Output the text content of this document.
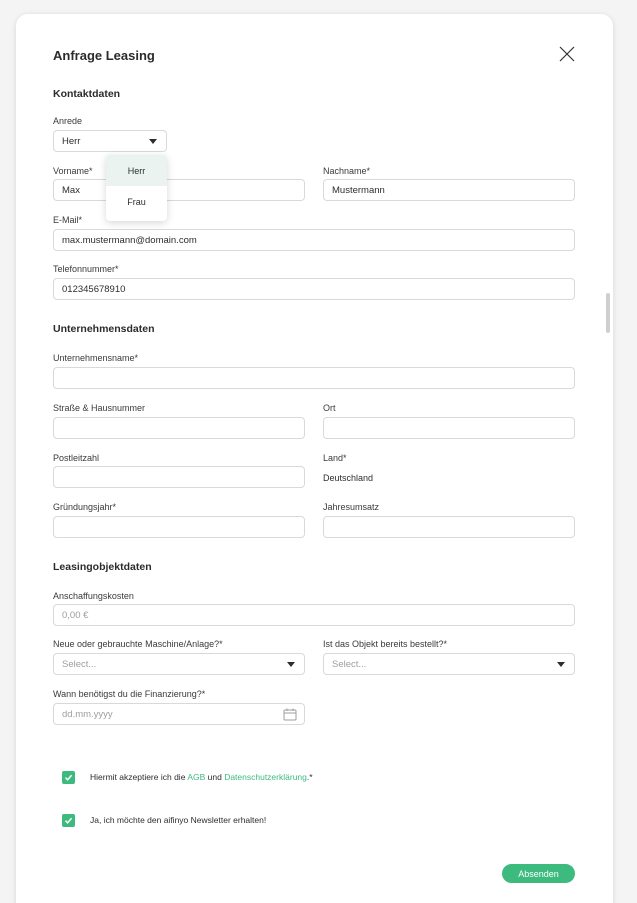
Anfrage Leasing
Kontaktdaten
Anrede
Herr
Vorname*
Max
Nachname*
Mustermann
E-Mail*
max.mustermann@domain.com
Telefonnummer*
012345678910
Unternehmensdaten
Unternehmensname*
Straße & Hausnummer	Ort
Postleitzahl	Land*
Deutschland
Gründungsjahr*	Jahresumsatz
Leasingobjektdaten
Anschaffungskosten
0,00 €
Neue oder gebrauchte Maschine/Anlage?*
Select...
Ist das Objekt bereits bestellt?*
Select...
Wann benötigst du die Finanzierung?*
dd.mm.yyyy
Hiermit akzeptiere ich die AGB und Datenschutzerklärung.*
Ja, ich möchte den aifinyo Newsletter erhalten!
Absenden
Herr
Frau
